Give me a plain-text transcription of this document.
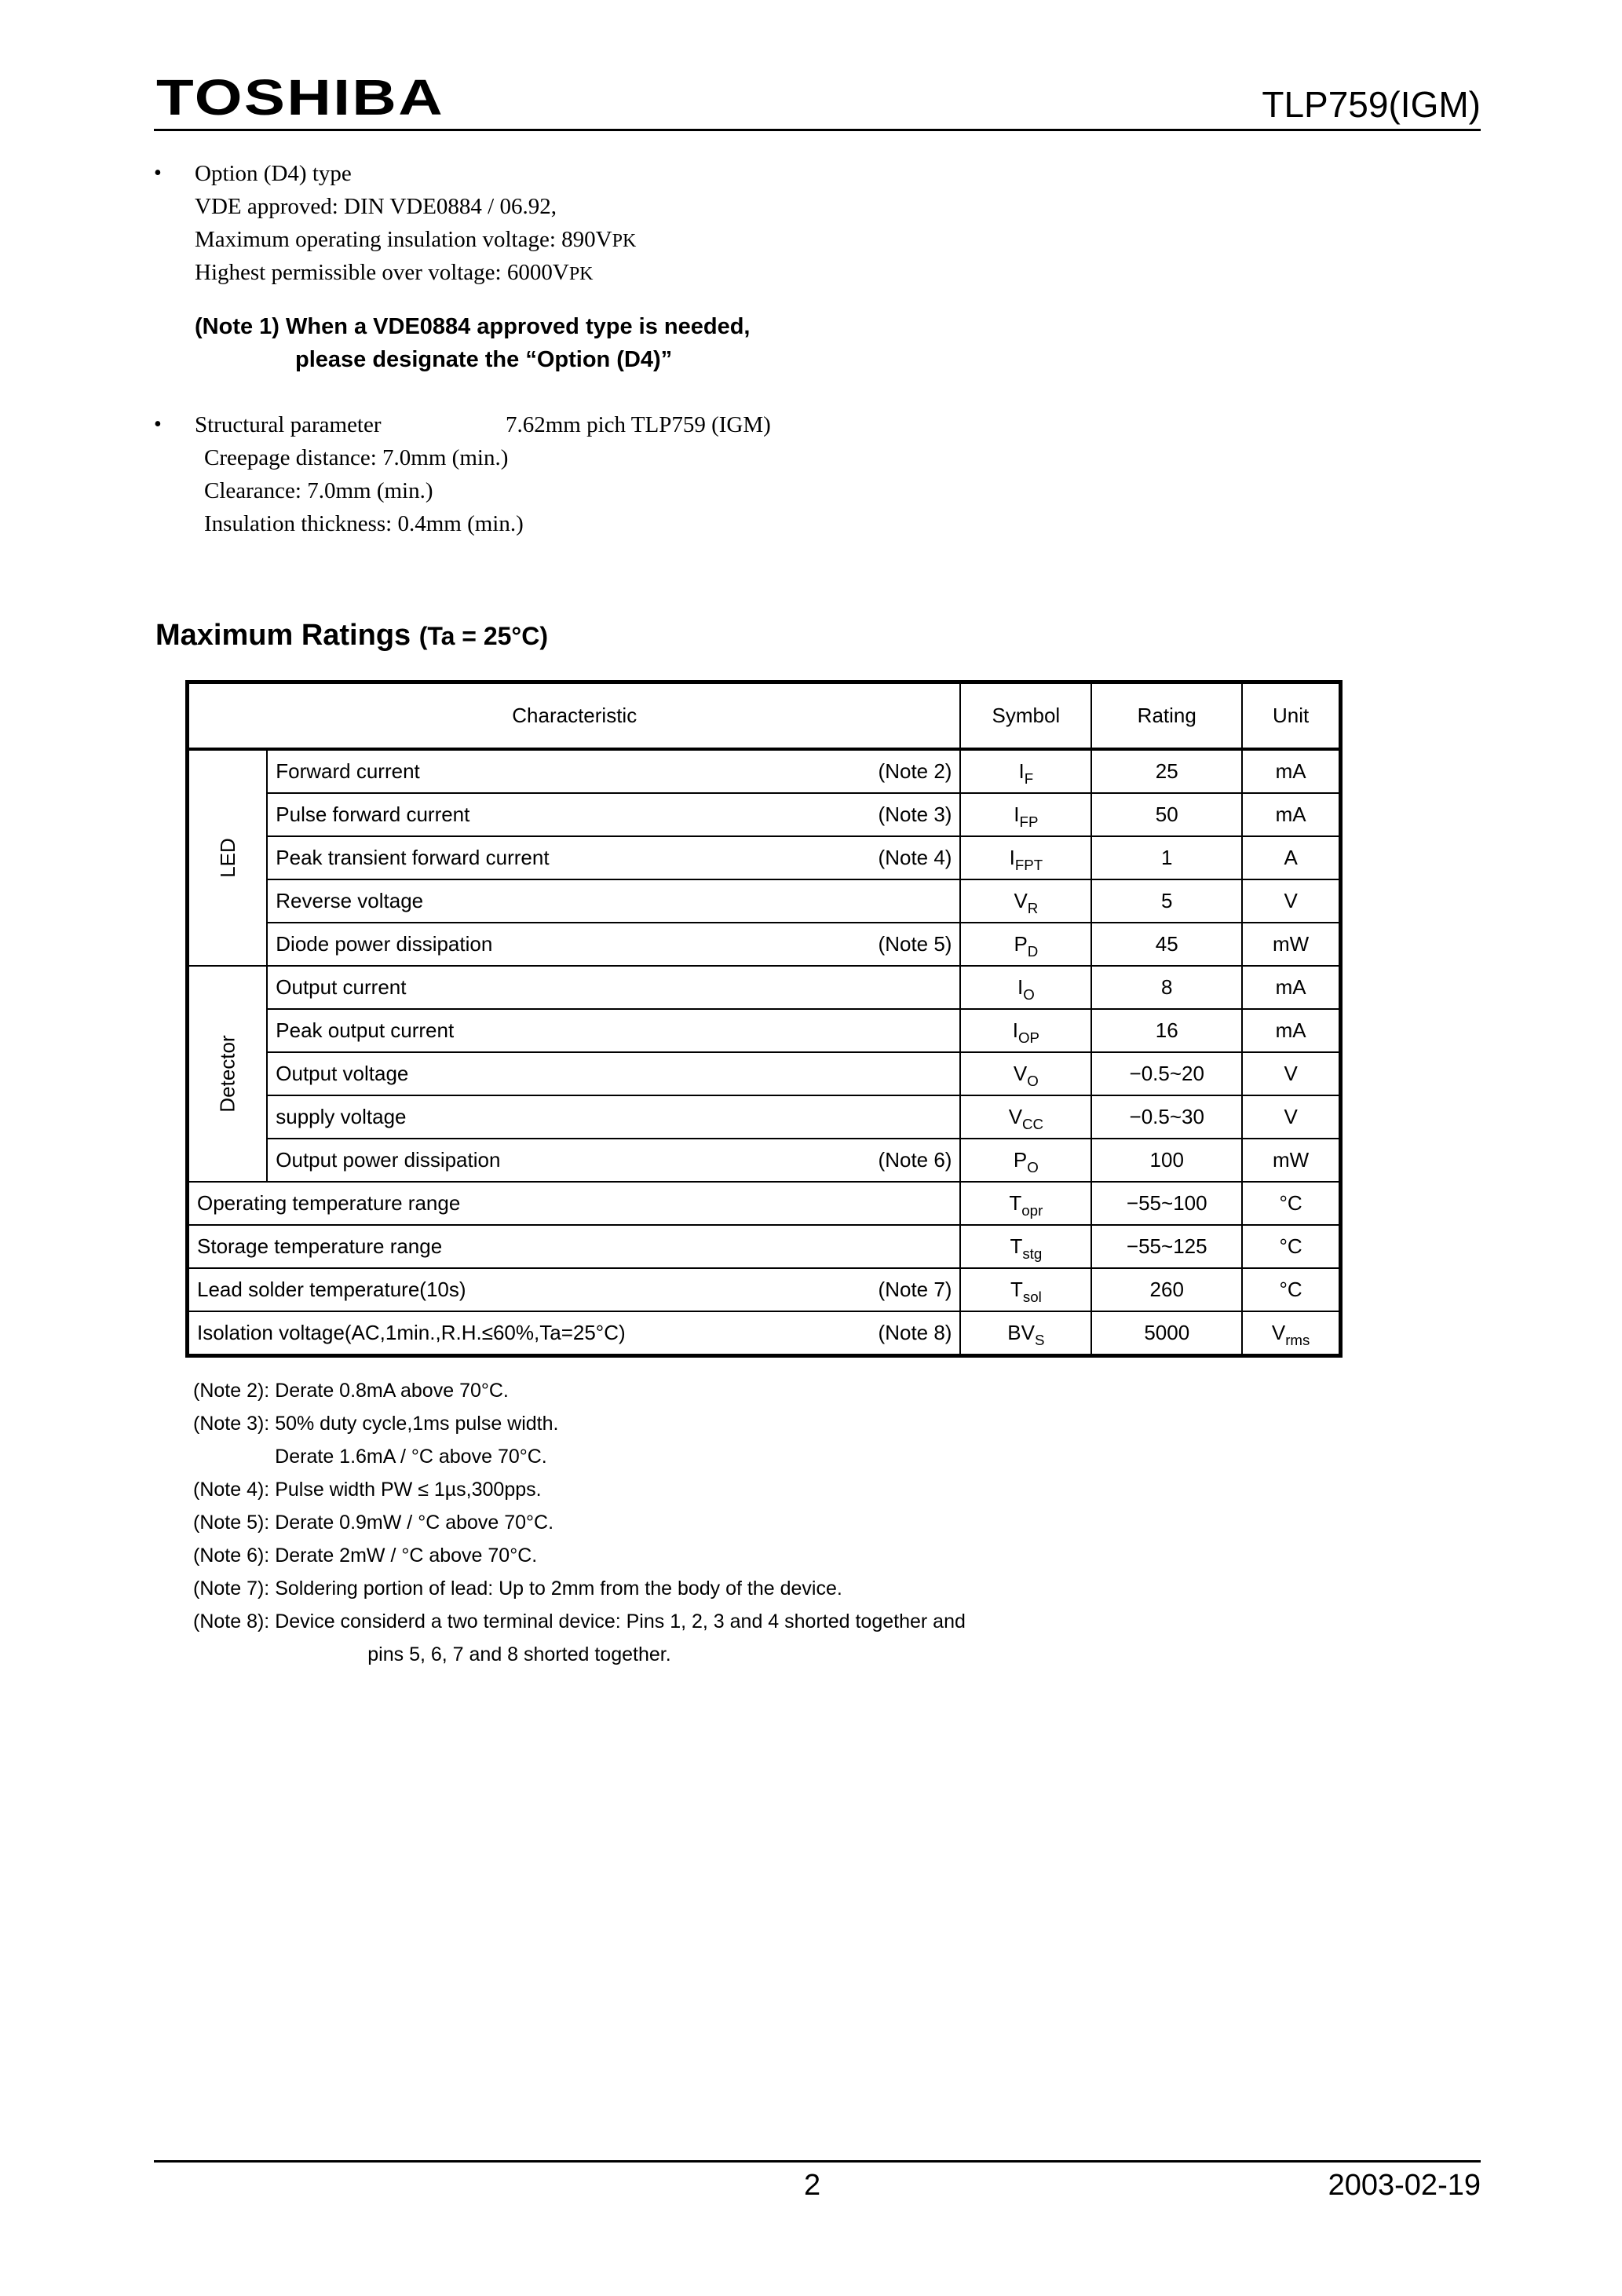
TOSHIBA	TLP759(IGM)
• Option (D4) type
VDE approved: DIN VDE0884 / 06.92,
Maximum operating insulation voltage: 890VPK
Highest permissible over voltage: 6000VPK
(Note 1) When a VDE0884 approved type is needed,
please designate the “Option (D4)”
• Structural parameter	7.62mm pich TLP759 (IGM)
Creepage distance: 7.0mm (min.)
Clearance: 7.0mm (min.)
Insulation thickness: 0.4mm (min.)
Maximum Ratings (Ta = 25°C)
Characteristic		Symbol	Rating	Unit
LED	Forward current (Note 2)	$I_F$	25	mA

	Pulse forward current (Note 3)	$I_{FP}$	50	mA

	Peak transient forward current (Note 4)	$I_{FPT}$	1	A

	Reverse voltage	$V_R$	5	V

	Diode power dissipation (Note 5)	$P_D$	45	mW
Detector	Output current	$I_O$	8	mA

	Peak output current	$I_{OP}$	16	mA

	Output voltage	$V_O$	−0.5~20	V

	supply voltage	$V_{CC}$	−0.5~30	V

	Output power dissipation (Note 6)	$P_O$	100	mW

Operating temperature range		$T_{opr}$	−55~100	°C

Storage temperature range		$T_{stg}$	−55~125	°C

Lead solder temperature(10s) (Note 7)		$T_{sol}$	260	°C

Isolation voltage(AC,1min.,R.H.≤60%,Ta=25°C) (Note 8)		$BV_S$	5000	$V_{rms}$
(Note 2): Derate 0.8mA above 70°C.
(Note 3): 50% duty cycle,1ms pulse width.
Derate 1.6mA / °C above 70°C.
(Note 4): Pulse width PW ≤ 1µs,300pps.
(Note 5): Derate 0.9mW / °C above 70°C.
(Note 6): Derate 2mW / °C above 70°C.
(Note 7): Soldering portion of lead: Up to 2mm from the body of the device.
(Note 8): Device considerd a two terminal device: Pins 1, 2, 3 and 4 shorted together and
pins 5, 6, 7 and 8 shorted together.
2	2003-02-19
